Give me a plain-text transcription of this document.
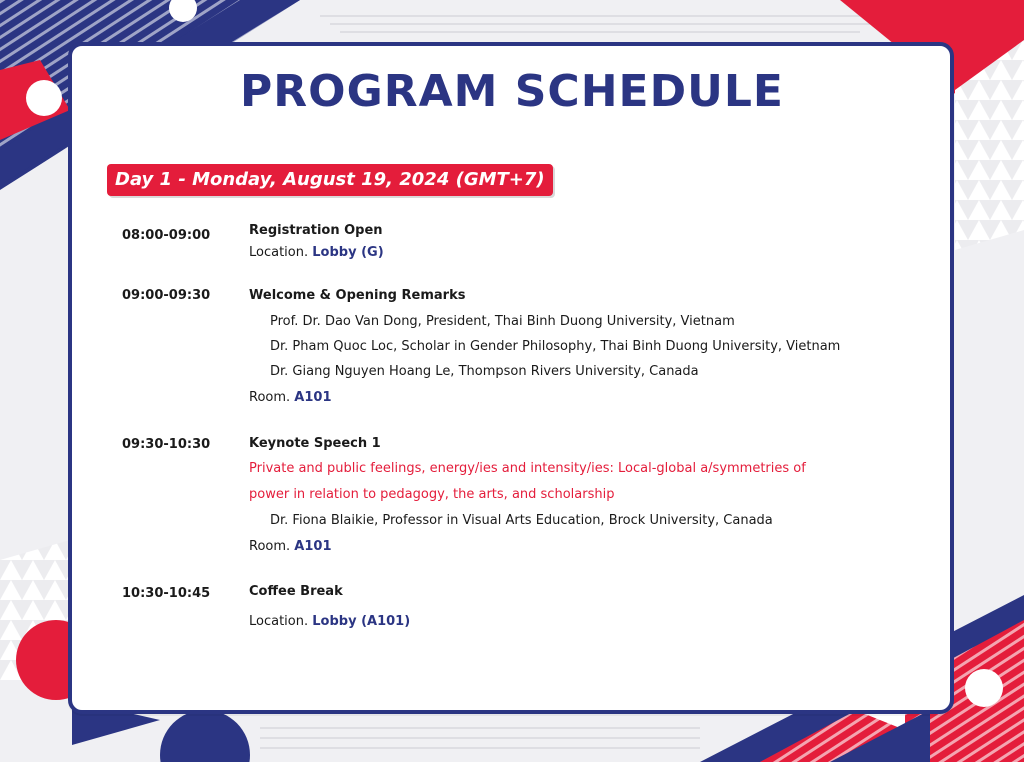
PROGRAM SCHEDULE
Day 1 - Monday, August 19, 2024 (GMT+7)
08:00-09:00	Registration Open
Location. Lobby (G)
09:00-09:30	Welcome & Opening Remarks
Prof. Dr. Dao Van Dong, President, Thai Binh Duong University, Vietnam
Dr. Pham Quoc Loc, Scholar in Gender Philosophy, Thai Binh Duong University, Vietnam
Dr. Giang Nguyen Hoang Le, Thompson Rivers University, Canada
Room. A101
09:30-10:30	Keynote Speech 1
Private and public feelings, energy/ies and intensity/ies: Local-global a/symmetries of
power in relation to pedagogy, the arts, and scholarship
Dr. Fiona Blaikie, Professor in Visual Arts Education, Brock University, Canada
Room. A101
10:30-10:45	Coffee Break
Location. Lobby (A101)
